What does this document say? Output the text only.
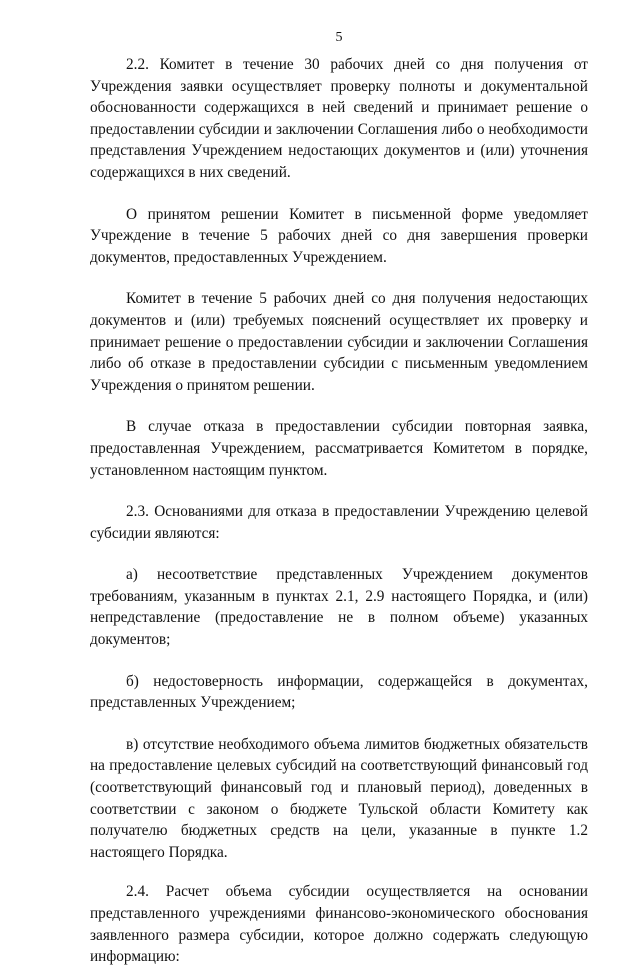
5

2.2. Комитет в течение 30 рабочих дней со дня получения от Учреждения заявки осуществляет проверку полноты и документальной обоснованности содержащихся в ней сведений и принимает решение о предоставлении субсидии и заключении Соглашения либо о необходимости представления Учреждением недостающих документов и (или) уточнения содержащихся в них сведений.

О принятом решении Комитет в письменной форме уведомляет Учреждение в течение 5 рабочих дней со дня завершения проверки документов, предоставленных Учреждением.

Комитет в течение 5 рабочих дней со дня получения недостающих документов и (или) требуемых пояснений осуществляет их проверку и принимает решение о предоставлении субсидии и заключении Соглашения либо об отказе в предоставлении субсидии с письменным уведомлением Учреждения о принятом решении.

В случае отказа в предоставлении субсидии повторная заявка, предоставленная Учреждением, рассматривается Комитетом в порядке, установленном настоящим пунктом.

2.3. Основаниями для отказа в предоставлении Учреждению целевой субсидии являются:

а) несоответствие представленных Учреждением документов требованиям, указанным в пунктах 2.1, 2.9 настоящего Порядка, и (или) непредставление (предоставление не в полном объеме) указанных документов;

б) недостоверность информации, содержащейся в документах, представленных Учреждением;

в) отсутствие необходимого объема лимитов бюджетных обязательств на предоставление целевых субсидий на соответствующий финансовый год (соответствующий финансовый год и плановый период), доведенных в соответствии с законом о бюджете Тульской области Комитету как получателю бюджетных средств на цели, указанные в пункте 1.2 настоящего Порядка.

2.4. Расчет объема субсидии осуществляется на основании представленного учреждениями финансово-экономического обоснования заявленного размера субсидии, которое должно содержать следующую информацию:
